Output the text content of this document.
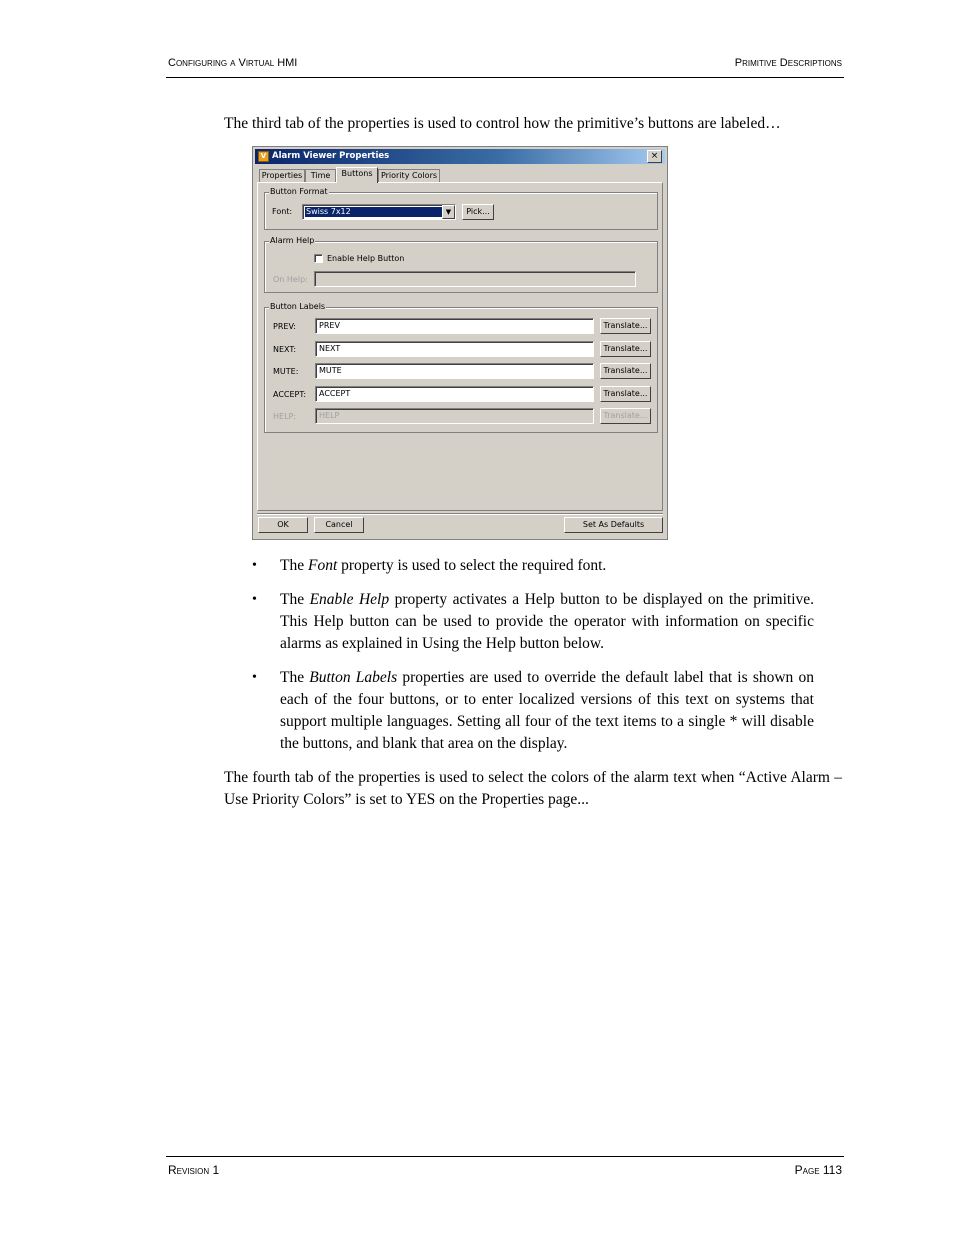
Configuring a Virtual HMI	Primitive Descriptions
The third tab of the properties is used to control how the primitive’s buttons are labeled…
V Alarm Viewer Properties	×
Properties	Time	Buttons	Priority Colors
Button Format
Font: Swiss 7x12	▼	Pick...
Alarm Help
Enable Help Button
On Help:
Button Labels
PREV:	PREV	Translate...
NEXT:	NEXT	Translate...
MUTE:	MUTE	Translate...
ACCEPT:	ACCEPT	Translate...
HELP:	HELP	Translate...
OK	Cancel	Set As Defaults
• The Font property is used to select the required font.
• The Enable Help property activates a Help button to be displayed on the primitive. This Help button can be used to provide the operator with information on specific alarms as explained in Using the Help button below.
• The Button Labels properties are used to override the default label that is shown on each of the four buttons, or to enter localized versions of this text on systems that support multiple languages. Setting all four of the text items to a single * will disable the buttons, and blank that area on the display.
The fourth tab of the properties is used to select the colors of the alarm text when “Active Alarm – Use Priority Colors” is set to YES on the Properties page...
Revision 1	Page 113
